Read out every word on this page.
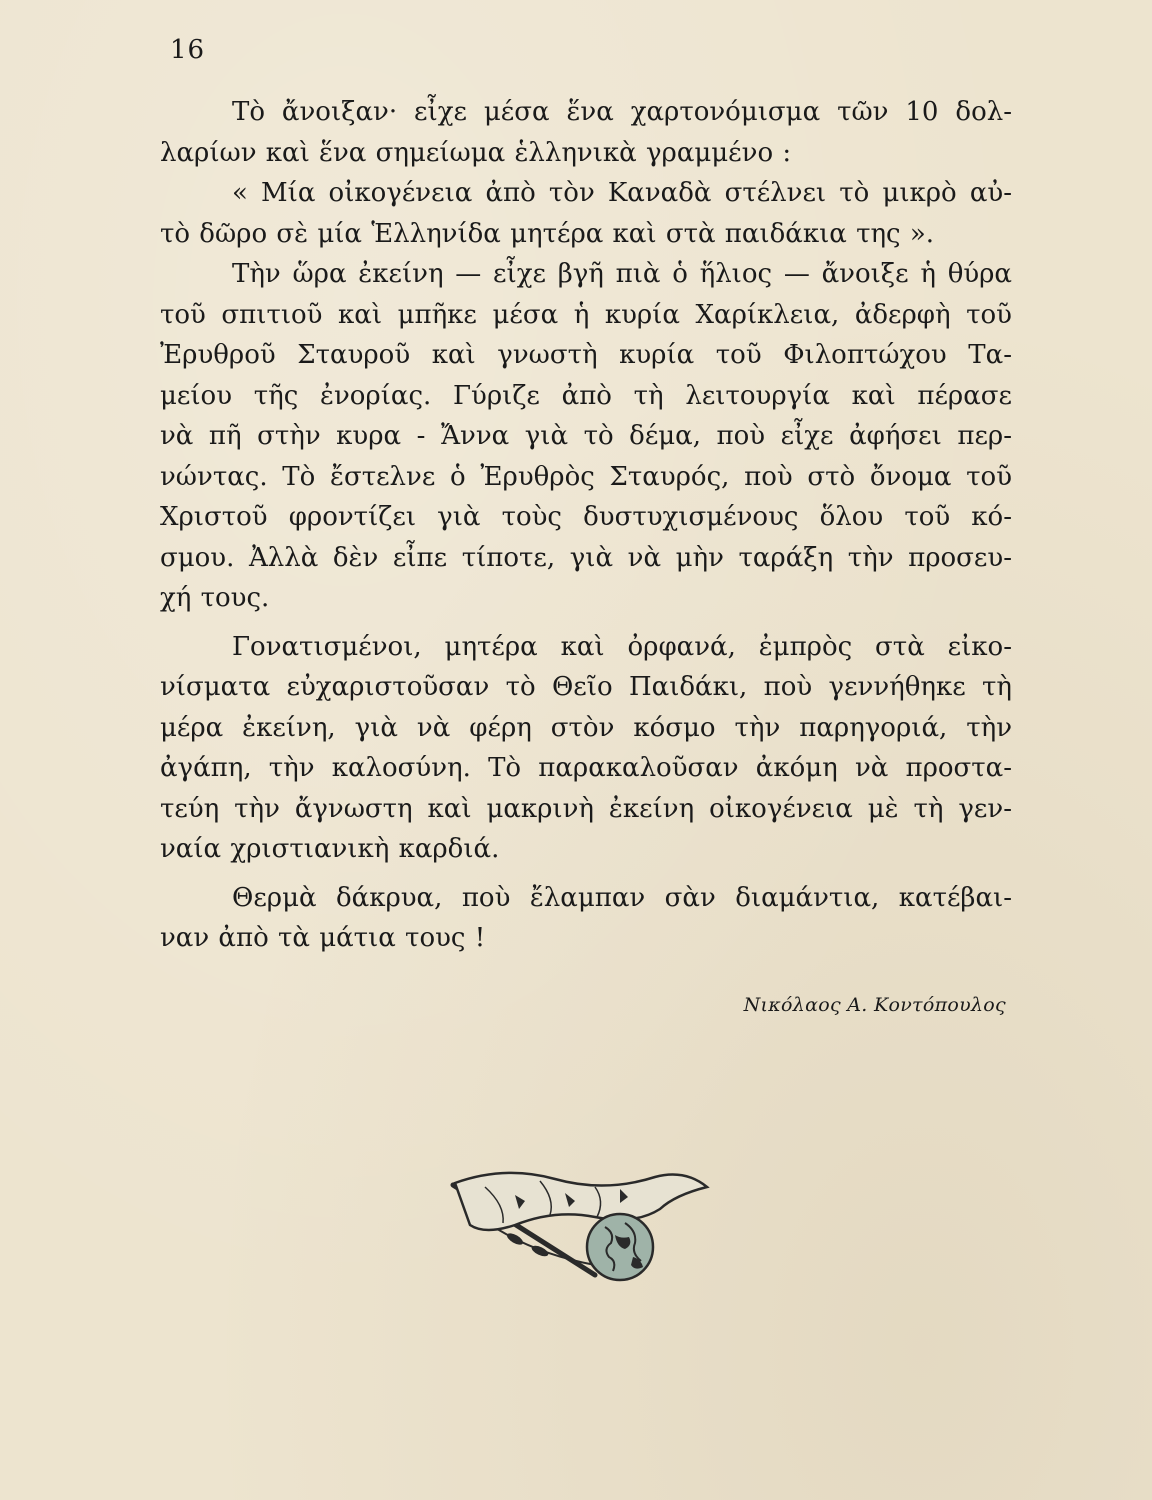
16
Τὸ ἄνοιξαν· εἶχε μέσα ἕνα χαρτονόμισμα τῶν 10 δολ-
λαρίων καὶ ἕνα σημείωμα ἑλληνικὰ γραμμένο :
« Μία οἰκογένεια ἀπὸ τὸν Καναδὰ στέλνει τὸ μικρὸ αὐ-
τὸ δῶρο σὲ μία Ἑλληνίδα μητέρα καὶ στὰ παιδάκια της ».
Τὴν ὥρα ἐκείνη — εἶχε βγῆ πιὰ ὁ ἥλιος — ἄνοιξε ἡ θύρα
τοῦ σπιτιοῦ καὶ μπῆκε μέσα ἡ κυρία Χαρίκλεια, ἀδερφὴ τοῦ
Ἐρυθροῦ Σταυροῦ καὶ γνωστὴ κυρία τοῦ Φιλοπτώχου Τα-
μείου τῆς ἐνορίας. Γύριζε ἀπὸ τὴ λειτουργία καὶ πέρασε
νὰ πῆ στὴν κυρα - Ἄννα γιὰ τὸ δέμα, ποὺ εἶχε ἀφήσει περ-
νώντας. Τὸ ἔστελνε ὁ Ἐρυθρὸς Σταυρός, ποὺ στὸ ὄνομα τοῦ
Χριστοῦ φροντίζει γιὰ τοὺς δυστυχισμένους ὅλου τοῦ κό-
σμου. Ἀλλὰ δὲν εἶπε τίποτε, γιὰ νὰ μὴν ταράξη τὴν προσευ-
χή τους.
Γονατισμένοι, μητέρα καὶ ὀρφανά, ἐμπρὸς στὰ εἰκο-
νίσματα εὐχαριστοῦσαν τὸ Θεῖο Παιδάκι, ποὺ γεννήθηκε τὴ
μέρα ἐκείνη, γιὰ νὰ φέρη στὸν κόσμο τὴν παρηγοριά, τὴν
ἀγάπη, τὴν καλοσύνη. Τὸ παρακαλοῦσαν ἀκόμη νὰ προστα-
τεύη τὴν ἄγνωστη καὶ μακρινὴ ἐκείνη οἰκογένεια μὲ τὴ γεν-
ναία χριστιανικὴ καρδιά.
Θερμὰ δάκρυα, ποὺ ἔλαμπαν σὰν διαμάντια, κατέβαι-
ναν ἀπὸ τὰ μάτια τους !
Νικόλαος Α. Κοντόπουλος
